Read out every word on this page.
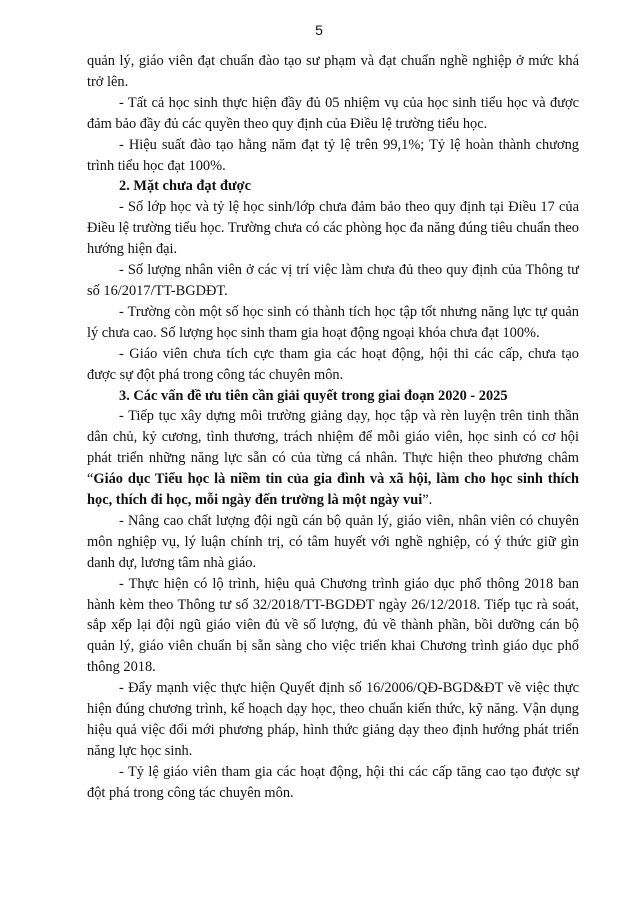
5

quản lý, giáo viên đạt chuẩn đào tạo sư phạm và đạt chuẩn nghề nghiệp ở mức khá trở lên.

- Tất cả học sinh thực hiện đầy đủ 05 nhiệm vụ của học sinh tiểu học và được đảm bảo đầy đủ các quyền theo quy định của Điều lệ trường tiểu học.

- Hiệu suất đào tạo hằng năm đạt tỷ lệ trên 99,1%; Tỷ lệ hoàn thành chương trình tiểu học đạt 100%.

2. Mặt chưa đạt được

- Số lớp học và tỷ lệ học sinh/lớp chưa đảm bảo theo quy định tại Điều 17 của Điều lệ trường tiểu học. Trường chưa có các phòng học đa năng đúng tiêu chuẩn theo hướng hiện đại.

- Số lượng nhân viên ở các vị trí việc làm chưa đủ theo quy định của Thông tư số 16/2017/TT-BGDĐT.

- Trường còn một số học sinh có thành tích học tập tốt nhưng năng lực tự quản lý chưa cao. Số lượng học sinh tham gia hoạt động ngoại khóa chưa đạt 100%.

- Giáo viên chưa tích cực tham gia các hoạt động, hội thi các cấp, chưa tạo được sự đột phá trong công tác chuyên môn.

3. Các vấn đề ưu tiên cần giải quyết trong giai đoạn 2020 - 2025

- Tiếp tục xây dựng môi trường giảng dạy, học tập và rèn luyện trên tinh thần dân chủ, kỷ cương, tình thương, trách nhiệm để mỗi giáo viên, học sinh có cơ hội phát triển những năng lực sẵn có của từng cá nhân. Thực hiện theo phương châm “Giáo dục Tiểu học là niềm tin của gia đình và xã hội, làm cho học sinh thích học, thích đi học, mỗi ngày đến trường là một ngày vui”.

- Nâng cao chất lượng đội ngũ cán bộ quản lý, giáo viên, nhân viên có chuyên môn nghiệp vụ, lý luận chính trị, có tâm huyết với nghề nghiệp, có ý thức giữ gìn danh dự, lương tâm nhà giáo.

- Thực hiện có lộ trình, hiệu quả Chương trình giáo dục phổ thông 2018 ban hành kèm theo Thông tư số 32/2018/TT-BGDĐT ngày 26/12/2018. Tiếp tục rà soát, sắp xếp lại đội ngũ giáo viên đủ về số lượng, đủ về thành phần, bồi dưỡng cán bộ quản lý, giáo viên chuẩn bị sẵn sàng cho việc triển khai Chương trình giáo dục phổ thông 2018.

- Đẩy mạnh việc thực hiện Quyết định số 16/2006/QĐ-BGD&ĐT về việc thực hiện đúng chương trình, kế hoạch dạy học, theo chuẩn kiến thức, kỹ năng. Vận dụng hiệu quả việc đổi mới phương pháp, hình thức giảng dạy theo định hướng phát triển năng lực học sinh.

- Tỷ lệ giáo viên tham gia các hoạt động, hội thi các cấp tăng cao tạo được sự đột phá trong công tác chuyên môn.
